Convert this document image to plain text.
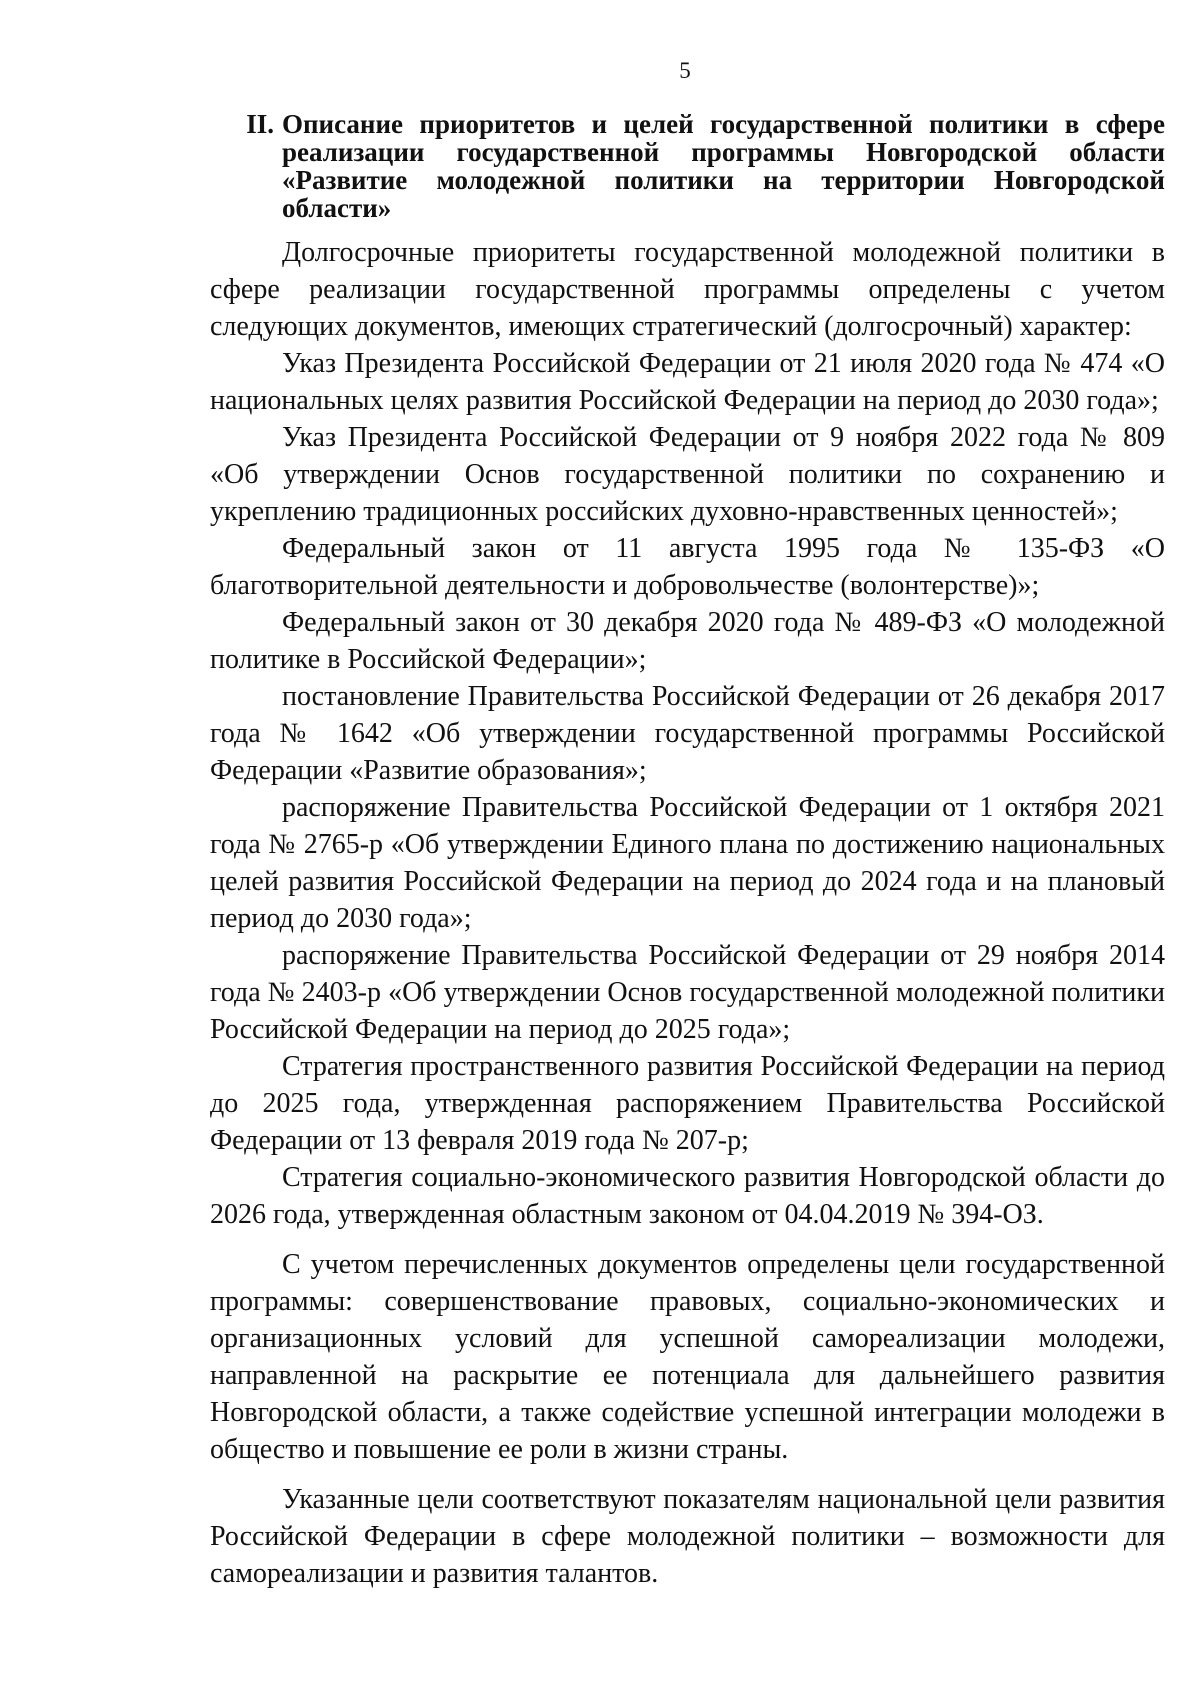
5
II. Описание приоритетов и целей государственной политики в сфере реализации государственной программы Новгородской области «Развитие молодежной политики на территории Новгородской области»

Долгосрочные приоритеты государственной молодежной политики в сфере реализации государственной программы определены с учетом следующих документов, имеющих стратегический (долгосрочный) характер:

Указ Президента Российской Федерации от 21 июля 2020 года № 474 «О национальных целях развития Российской Федерации на период до 2030 года»;

Указ Президента Российской Федерации от 9 ноября 2022 года № 809 «Об утверждении Основ государственной политики по сохранению и укреплению традиционных российских духовно-нравственных ценностей»;

Федеральный закон от 11 августа 1995 года № 135-ФЗ «О благотворительной деятельности и добровольчестве (волонтерстве)»;

Федеральный закон от 30 декабря 2020 года № 489-ФЗ «О молодежной политике в Российской Федерации»;

постановление Правительства Российской Федерации от 26 декабря 2017 года № 1642 «Об утверждении государственной программы Российской Федерации «Развитие образования»;

распоряжение Правительства Российской Федерации от 1 октября 2021 года № 2765-р «Об утверждении Единого плана по достижению национальных целей развития Российской Федерации на период до 2024 года и на плановый период до 2030 года»;

распоряжение Правительства Российской Федерации от 29 ноября 2014 года № 2403-р «Об утверждении Основ государственной молодежной политики Российской Федерации на период до 2025 года»;

Стратегия пространственного развития Российской Федерации на период до 2025 года, утвержденная распоряжением Правительства Российской Федерации от 13 февраля 2019 года № 207-р;

Стратегия социально-экономического развития Новгородской области до 2026 года, утвержденная областным законом от 04.04.2019 № 394-ОЗ.

С учетом перечисленных документов определены цели государственной программы: совершенствование правовых, социально-экономических и организационных условий для успешной самореализации молодежи, направленной на раскрытие ее потенциала для дальнейшего развития Новгородской области, а также содействие успешной интеграции молодежи в общество и повышение ее роли в жизни страны.

Указанные цели соответствуют показателям национальной цели развития Российской Федерации в сфере молодежной политики – возможности для самореализации и развития талантов.
